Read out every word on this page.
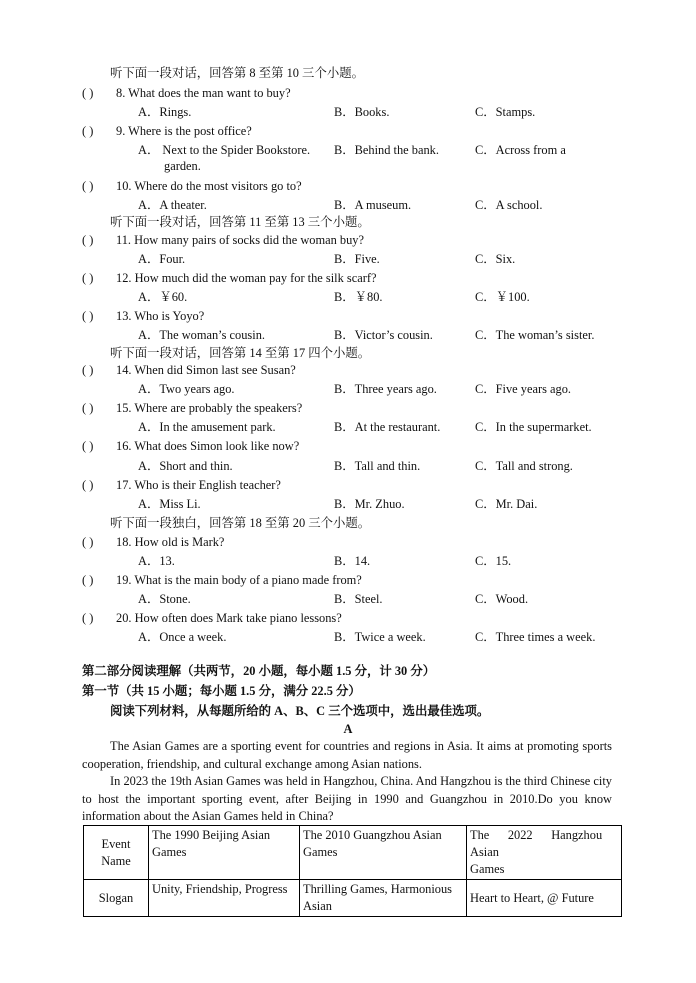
听下面一段对话，回答第 8 至第 10 三个小题。
( ) 8. What does the man want to buy?
A．Rings.	B．Books.	C．Stamps.
( ) 9. Where is the post office?
A． Next to the Spider Bookstore. B．Behind the bank.	C．Across from a
garden.
( ) 10. Where do the most visitors go to?
A．A theater.	B．A museum.	C．A school.
听下面一段对话，回答第 11 至第 13 三个小题。
( ) 11. How many pairs of socks did the woman buy?
A．Four.	B．Five.	C．Six.
( ) 12. How much did the woman pay for the silk scarf?
A．￥60.	B．￥80.	C．￥100.
( ) 13. Who is Yoyo?
A．The woman’s cousin.	B．Victor’s cousin.	C．The woman’s sister.
听下面一段对话，回答第 14 至第 17 四个小题。
( ) 14. When did Simon last see Susan?
A．Two years ago.	B．Three years ago.	C．Five years ago.
( ) 15. Where are probably the speakers?
A．In the amusement park.	B．At the restaurant.	C．In the supermarket.
( ) 16. What does Simon look like now?
A．Short and thin.	B．Tall and thin.	C．Tall and strong.
( ) 17. Who is their English teacher?
A．Miss Li.	B．Mr. Zhuo.	C．Mr. Dai.
听下面一段独白，回答第 18 至第 20 三个小题。
( ) 18. How old is Mark?
A．13.	B．14.	C．15.
( ) 19. What is the main body of a piano made from?
A．Stone.	B．Steel.	C．Wood.
( ) 20. How often does Mark take piano lessons?
A．Once a week.	B．Twice a week.	C．Three times a week.
第二部分阅读理解（共两节，20 小题，每小题 1.5 分，计 30 分）
第一节（共 15 小题；每小题 1.5 分，满分 22.5 分）
阅读下列材料，从每题所给的 A、B、C 三个选项中，选出最佳选项。
A
The Asian Games are a sporting event for countries and regions in Asia. It aims at promoting sports cooperation, friendship, and cultural exchange among Asian nations.
In 2023 the 19th Asian Games was held in Hangzhou, China. And Hangzhou is the third Chinese city to host the important sporting event, after Beijing in 1990 and Guangzhou in 2010.Do you know information about the Asian Games held in China?
Event Name	The 1990 Beijing Asian Games	The 2010 Guangzhou Asian Games	The      2022      Hangzhou
Asian
Games

Slogan	Unity, Friendship, Progress	Thrilling Games, Harmonious Asian	Heart to Heart, @ Future
